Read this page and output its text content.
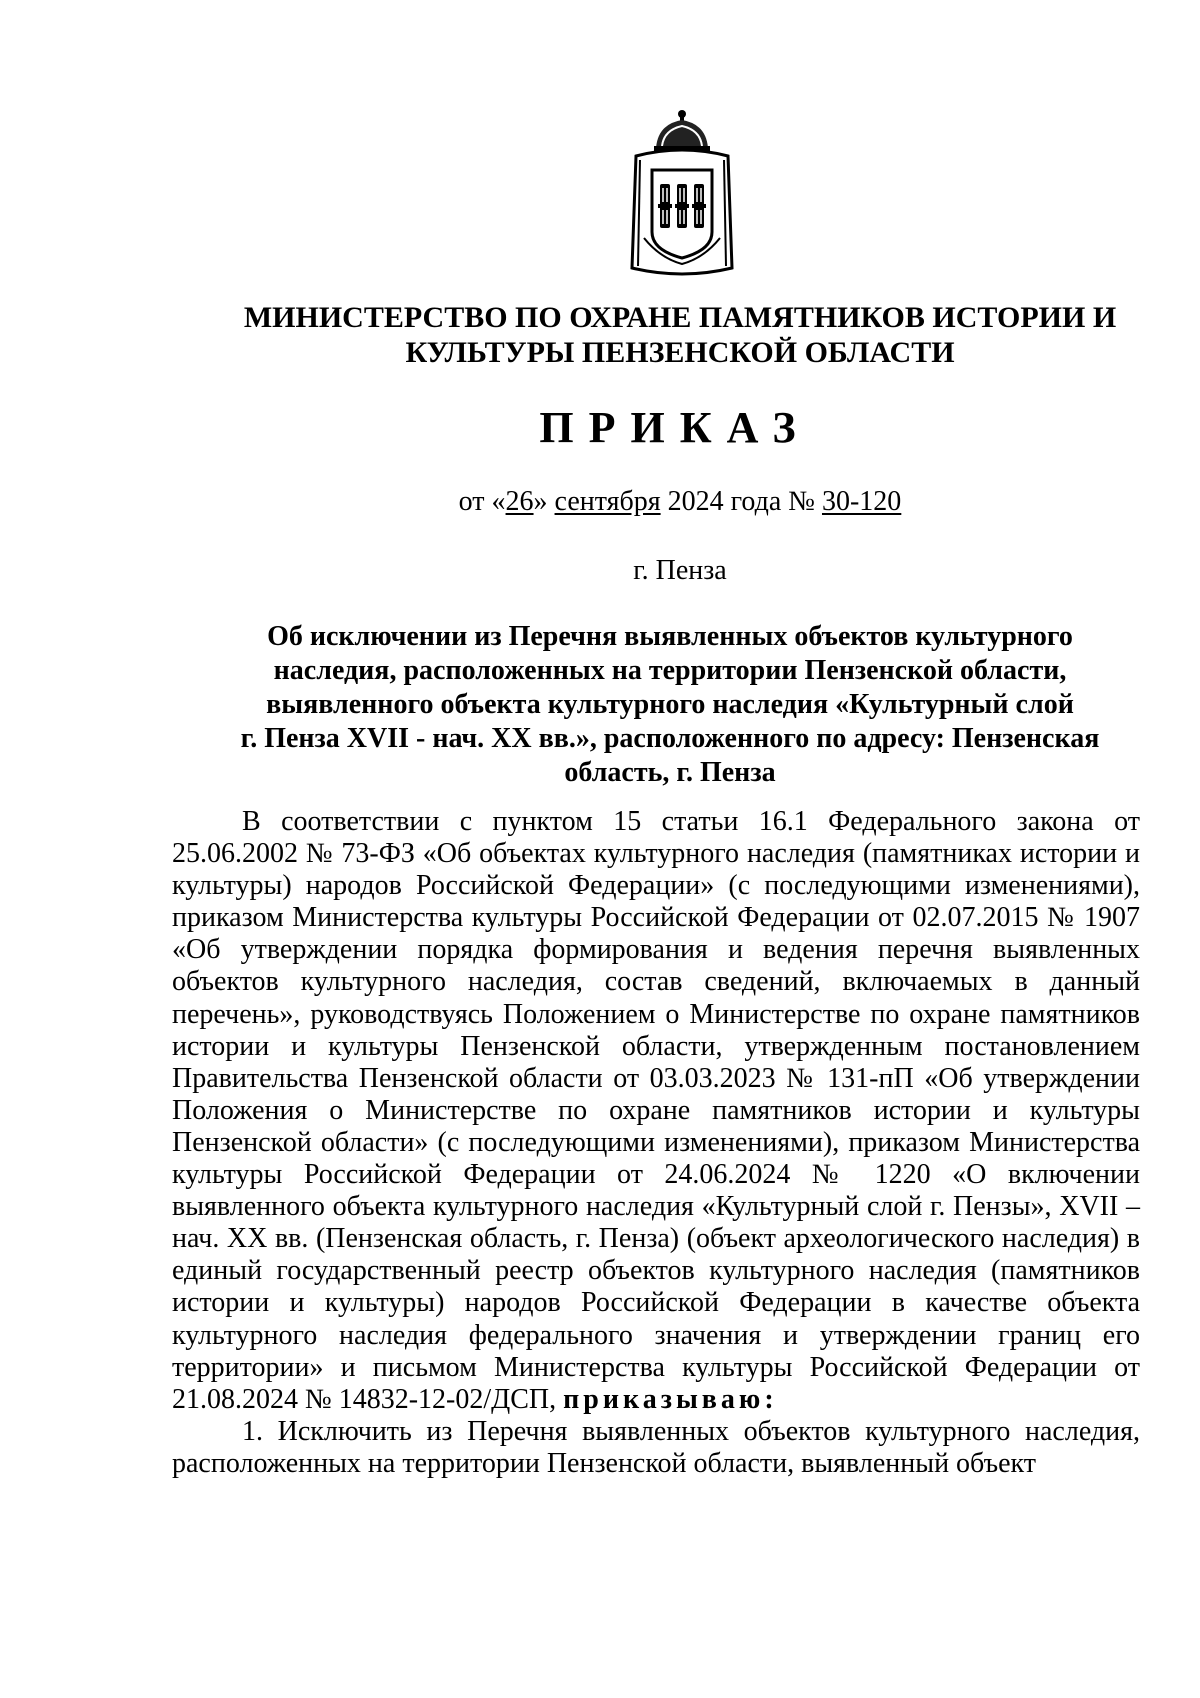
МИНИСТЕРСТВО ПО ОХРАНЕ ПАМЯТНИКОВ ИСТОРИИ И
КУЛЬТУРЫ ПЕНЗЕНСКОЙ ОБЛАСТИ
ПРИКАЗ
от «26» сентября 2024 года № 30-120
г. Пенза
Об исключении из Перечня выявленных объектов культурного
наследия, расположенных на территории Пензенской области,
выявленного объекта культурного наследия «Культурный слой
г. Пенза XVII - нач. XX вв.», расположенного по адресу: Пензенская
область, г. Пенза

В соответствии с пунктом 15 статьи 16.1 Федерального закона от 25.06.2002 № 73-ФЗ «Об объектах культурного наследия (памятниках истории и культуры) народов Российской Федерации» (с последующими изменениями), приказом Министерства культуры Российской Федерации от 02.07.2015 № 1907 «Об утверждении порядка формирования и ведения перечня выявленных объектов культурного наследия, состав сведений, включаемых в данный перечень», руководствуясь Положением о Министерстве по охране памятников истории и культуры Пензенской области, утвержденным постановлением Правительства Пензенской области от 03.03.2023 № 131-пП «Об утверждении Положения о Министерстве по охране памятников истории и культуры Пензенской области» (с последующими изменениями), приказом Министерства культуры Российской Федерации от 24.06.2024 № 1220 «О включении выявленного объекта культурного наследия «Культурный слой г. Пензы», XVII – нач. XX вв. (Пензенская область, г. Пенза) (объект археологического наследия) в единый государственный реестр объектов культурного наследия (памятников истории и культуры) народов Российской Федерации в качестве объекта культурного наследия федерального значения и утверждении границ его территории» и письмом Министерства культуры Российской Федерации от 21.08.2024 № 14832-12-02/ДСП, приказываю:

1. Исключить из Перечня выявленных объектов культурного наследия, расположенных на территории Пензенской области, выявленный объект
